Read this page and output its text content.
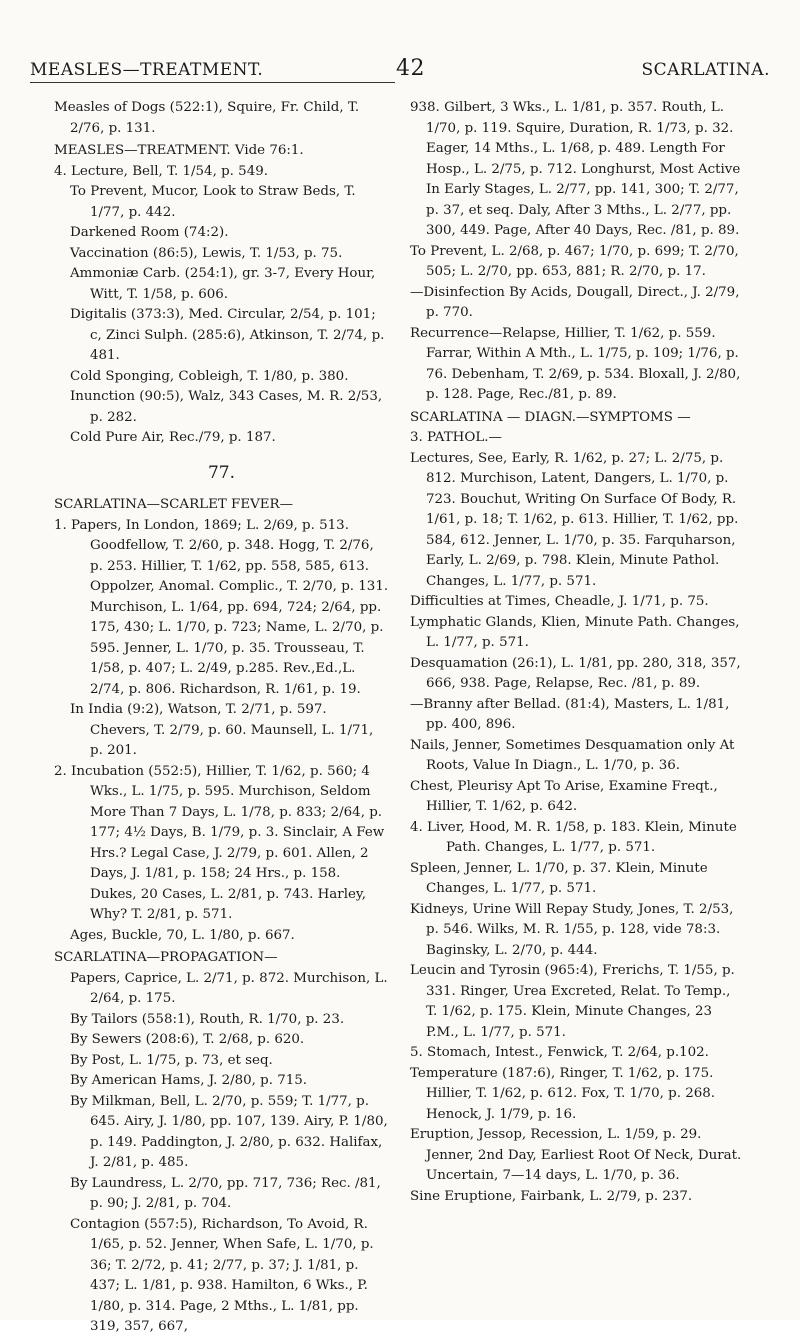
MEASLES—TREATMENT.	42	SCARLATINA.

Measles of Dogs (522:1), Squire, Fr. Child, T. 2/76, p. 131.

MEASLES—TREATMENT. Vide 76:1.

4. Lecture, Bell, T. 1/54, p. 549.

To Prevent, Mucor, Look to Straw Beds, T. 1/77, p. 442.

Darkened Room (74:2).

Vaccination (86:5), Lewis, T. 1/53, p. 75.

Ammoniæ Carb. (254:1), gr. 3-7, Every Hour, Witt, T. 1/58, p. 606.

Digitalis (373:3), Med. Circular, 2/54, p. 101; c, Zinci Sulph. (285:6), Atkinson, T. 2/74, p. 481.

Cold Sponging, Cobleigh, T. 1/80, p. 380.

Inunction (90:5), Walz, 343 Cases, M. R. 2/53, p. 282.

Cold Pure Air, Rec./79, p. 187.

77.

SCARLATINA—SCARLET FEVER—

1. Papers, In London, 1869; L. 2/69, p. 513. Goodfellow, T. 2/60, p. 348. Hogg, T. 2/76, p. 253. Hillier, T. 1/62, pp. 558, 585, 613. Oppolzer, Anomal. Complic., T. 2/70, p. 131. Murchison, L. 1/64, pp. 694, 724; 2/64, pp. 175, 430; L. 1/70, p. 723; Name, L. 2/70, p. 595. Jenner, L. 1/70, p. 35. Trousseau, T. 1/58, p. 407; L. 2/49, p.285. Rev.,Ed.,L. 2/74, p. 806. Richardson, R. 1/61, p. 19.

In India (9:2), Watson, T. 2/71, p. 597. Chevers, T. 2/79, p. 60. Maunsell, L. 1/71, p. 201.

2. Incubation (552:5), Hillier, T. 1/62, p. 560; 4 Wks., L. 1/75, p. 595. Murchison, Seldom More Than 7 Days, L. 1/78, p. 833; 2/64, p. 177; 4½ Days, B. 1/79, p. 3. Sinclair, A Few Hrs.? Legal Case, J. 2/79, p. 601. Allen, 2 Days, J. 1/81, p. 158; 24 Hrs., p. 158. Dukes, 20 Cases, L. 2/81, p. 743. Harley, Why? T. 2/81, p. 571.

Ages, Buckle, 70, L. 1/80, p. 667.

SCARLATINA—PROPAGATION—

Papers, Caprice, L. 2/71, p. 872. Murchison, L. 2/64, p. 175.

By Tailors (558:1), Routh, R. 1/70, p. 23.

By Sewers (208:6), T. 2/68, p. 620.

By Post, L. 1/75, p. 73, et seq.

By American Hams, J. 2/80, p. 715.

By Milkman, Bell, L. 2/70, p. 559; T. 1/77, p. 645. Airy, J. 1/80, pp. 107, 139. Airy, P. 1/80, p. 149. Paddington, J. 2/80, p. 632. Halifax, J. 2/81, p. 485.

By Laundress, L. 2/70, pp. 717, 736; Rec. /81, p. 90; J. 2/81, p. 704.

Contagion (557:5), Richardson, To Avoid, R. 1/65, p. 52. Jenner, When Safe, L. 1/70, p. 36; T. 2/72, p. 41; 2/77, p. 37; J. 1/81, p. 437; L. 1/81, p. 938. Hamilton, 6 Wks., P. 1/80, p. 314. Page, 2 Mths., L. 1/81, pp. 319, 357, 667,

938. Gilbert, 3 Wks., L. 1/81, p. 357. Routh, L. 1/70, p. 119. Squire, Duration, R. 1/73, p. 32. Eager, 14 Mths., L. 1/68, p. 489. Length For Hosp., L. 2/75, p. 712. Longhurst, Most Active In Early Stages, L. 2/77, pp. 141, 300; T. 2/77, p. 37, et seq. Daly, After 3 Mths., L. 2/77, pp. 300, 449. Page, After 40 Days, Rec. /81, p. 89.

To Prevent, L. 2/68, p. 467; 1/70, p. 699; T. 2/70, 505; L. 2/70, pp. 653, 881; R. 2/70, p. 17.

—Disinfection By Acids, Dougall, Direct., J. 2/79, p. 770.

Recurrence—Relapse, Hillier, T. 1/62, p. 559. Farrar, Within A Mth., L. 1/75, p. 109; 1/76, p. 76. Debenham, T. 2/69, p. 534. Bloxall, J. 2/80, p. 128. Page, Rec./81, p. 89.

SCARLATINA — DIAGN.—SYMPTOMS —

3. PATHOL.—

Lectures, See, Early, R. 1/62, p. 27; L. 2/75, p. 812. Murchison, Latent, Dangers, L. 1/70, p. 723. Bouchut, Writing On Surface Of Body, R. 1/61, p. 18; T. 1/62, p. 613. Hillier, T. 1/62, pp. 584, 612. Jenner, L. 1/70, p. 35. Farquharson, Early, L. 2/69, p. 798. Klein, Minute Pathol. Changes, L. 1/77, p. 571.

Difficulties at Times, Cheadle, J. 1/71, p. 75.

Lymphatic Glands, Klien, Minute Path. Changes, L. 1/77, p. 571.

Desquamation (26:1), L. 1/81, pp. 280, 318, 357, 666, 938. Page, Relapse, Rec. /81, p. 89.

—Branny after Bellad. (81:4), Masters, L. 1/81, pp. 400, 896.

Nails, Jenner, Sometimes Desquamation only At Roots, Value In Diagn., L. 1/70, p. 36.

Chest, Pleurisy Apt To Arise, Examine Freqt., Hillier, T. 1/62, p. 642.

4. Liver, Hood, M. R. 1/58, p. 183. Klein, Minute Path. Changes, L. 1/77, p. 571.

Spleen, Jenner, L. 1/70, p. 37. Klein, Minute Changes, L. 1/77, p. 571.

Kidneys, Urine Will Repay Study, Jones, T. 2/53, p. 546. Wilks, M. R. 1/55, p. 128, vide 78:3. Baginsky, L. 2/70, p. 444.

Leucin and Tyrosin (965:4), Frerichs, T. 1/55, p. 331. Ringer, Urea Excreted, Relat. To Temp., T. 1/62, p. 175. Klein, Minute Changes, 23 P.M., L. 1/77, p. 571.

5. Stomach, Intest., Fenwick, T. 2/64, p.102.

Temperature (187:6), Ringer, T. 1/62, p. 175. Hillier, T. 1/62, p. 612. Fox, T. 1/70, p. 268. Henock, J. 1/79, p. 16.

Eruption, Jessop, Recession, L. 1/59, p. 29. Jenner, 2nd Day, Earliest Root Of Neck, Durat. Uncertain, 7—14 days, L. 1/70, p. 36.

Sine Eruptione, Fairbank, L. 2/79, p. 237.
